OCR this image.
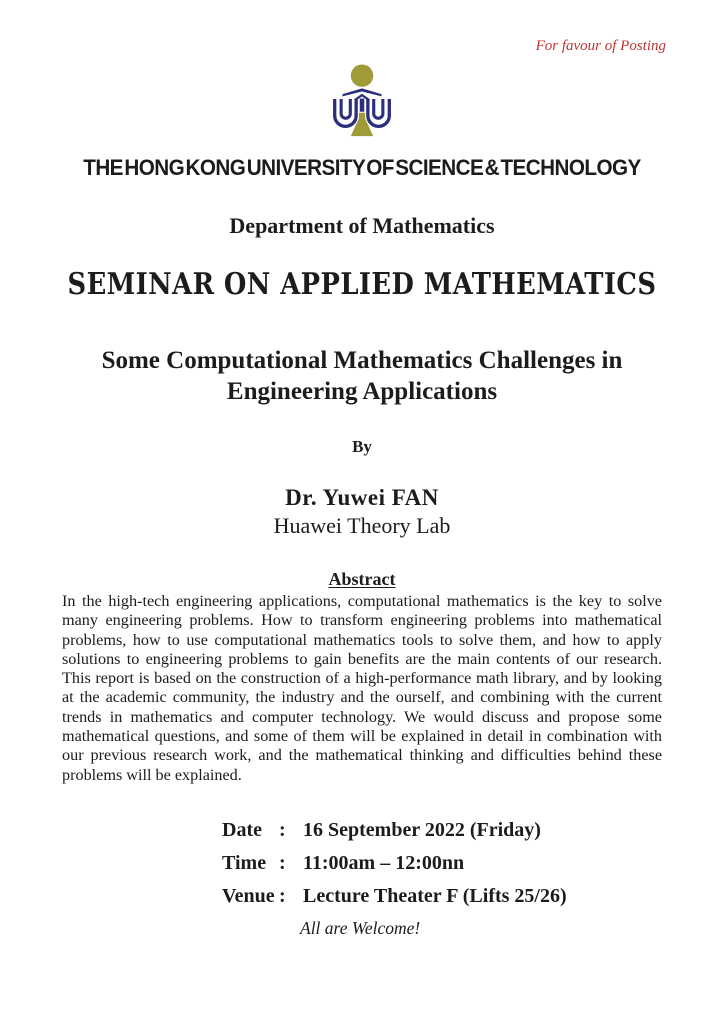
For favour of Posting
THE HONG KONG UNIVERSITY OF SCIENCE & TECHNOLOGY
Department of Mathematics
SEMINAR ON APPLIED MATHEMATICS
Some Computational Mathematics Challenges in Engineering Applications
By
Dr. Yuwei FAN
Huawei Theory Lab
Abstract

In the high-tech engineering applications, computational mathematics is the key to solve many engineering problems. How to transform engineering problems into mathematical problems, how to use computational mathematics tools to solve them, and how to apply solutions to engineering problems to gain benefits are the main contents of our research. This report is based on the construction of a high-performance math library, and by looking at the academic community, the industry and the ourself, and combining with the current trends in mathematics and computer technology. We would discuss and propose some mathematical questions, and some of them will be explained in detail in combination with our previous research work, and the mathematical thinking and difficulties behind these problems will be explained.

Date : 16 September 2022 (Friday)
Time : 11:00am – 12:00nn
Venue : Lecture Theater F (Lifts 25/26)
All are Welcome!
